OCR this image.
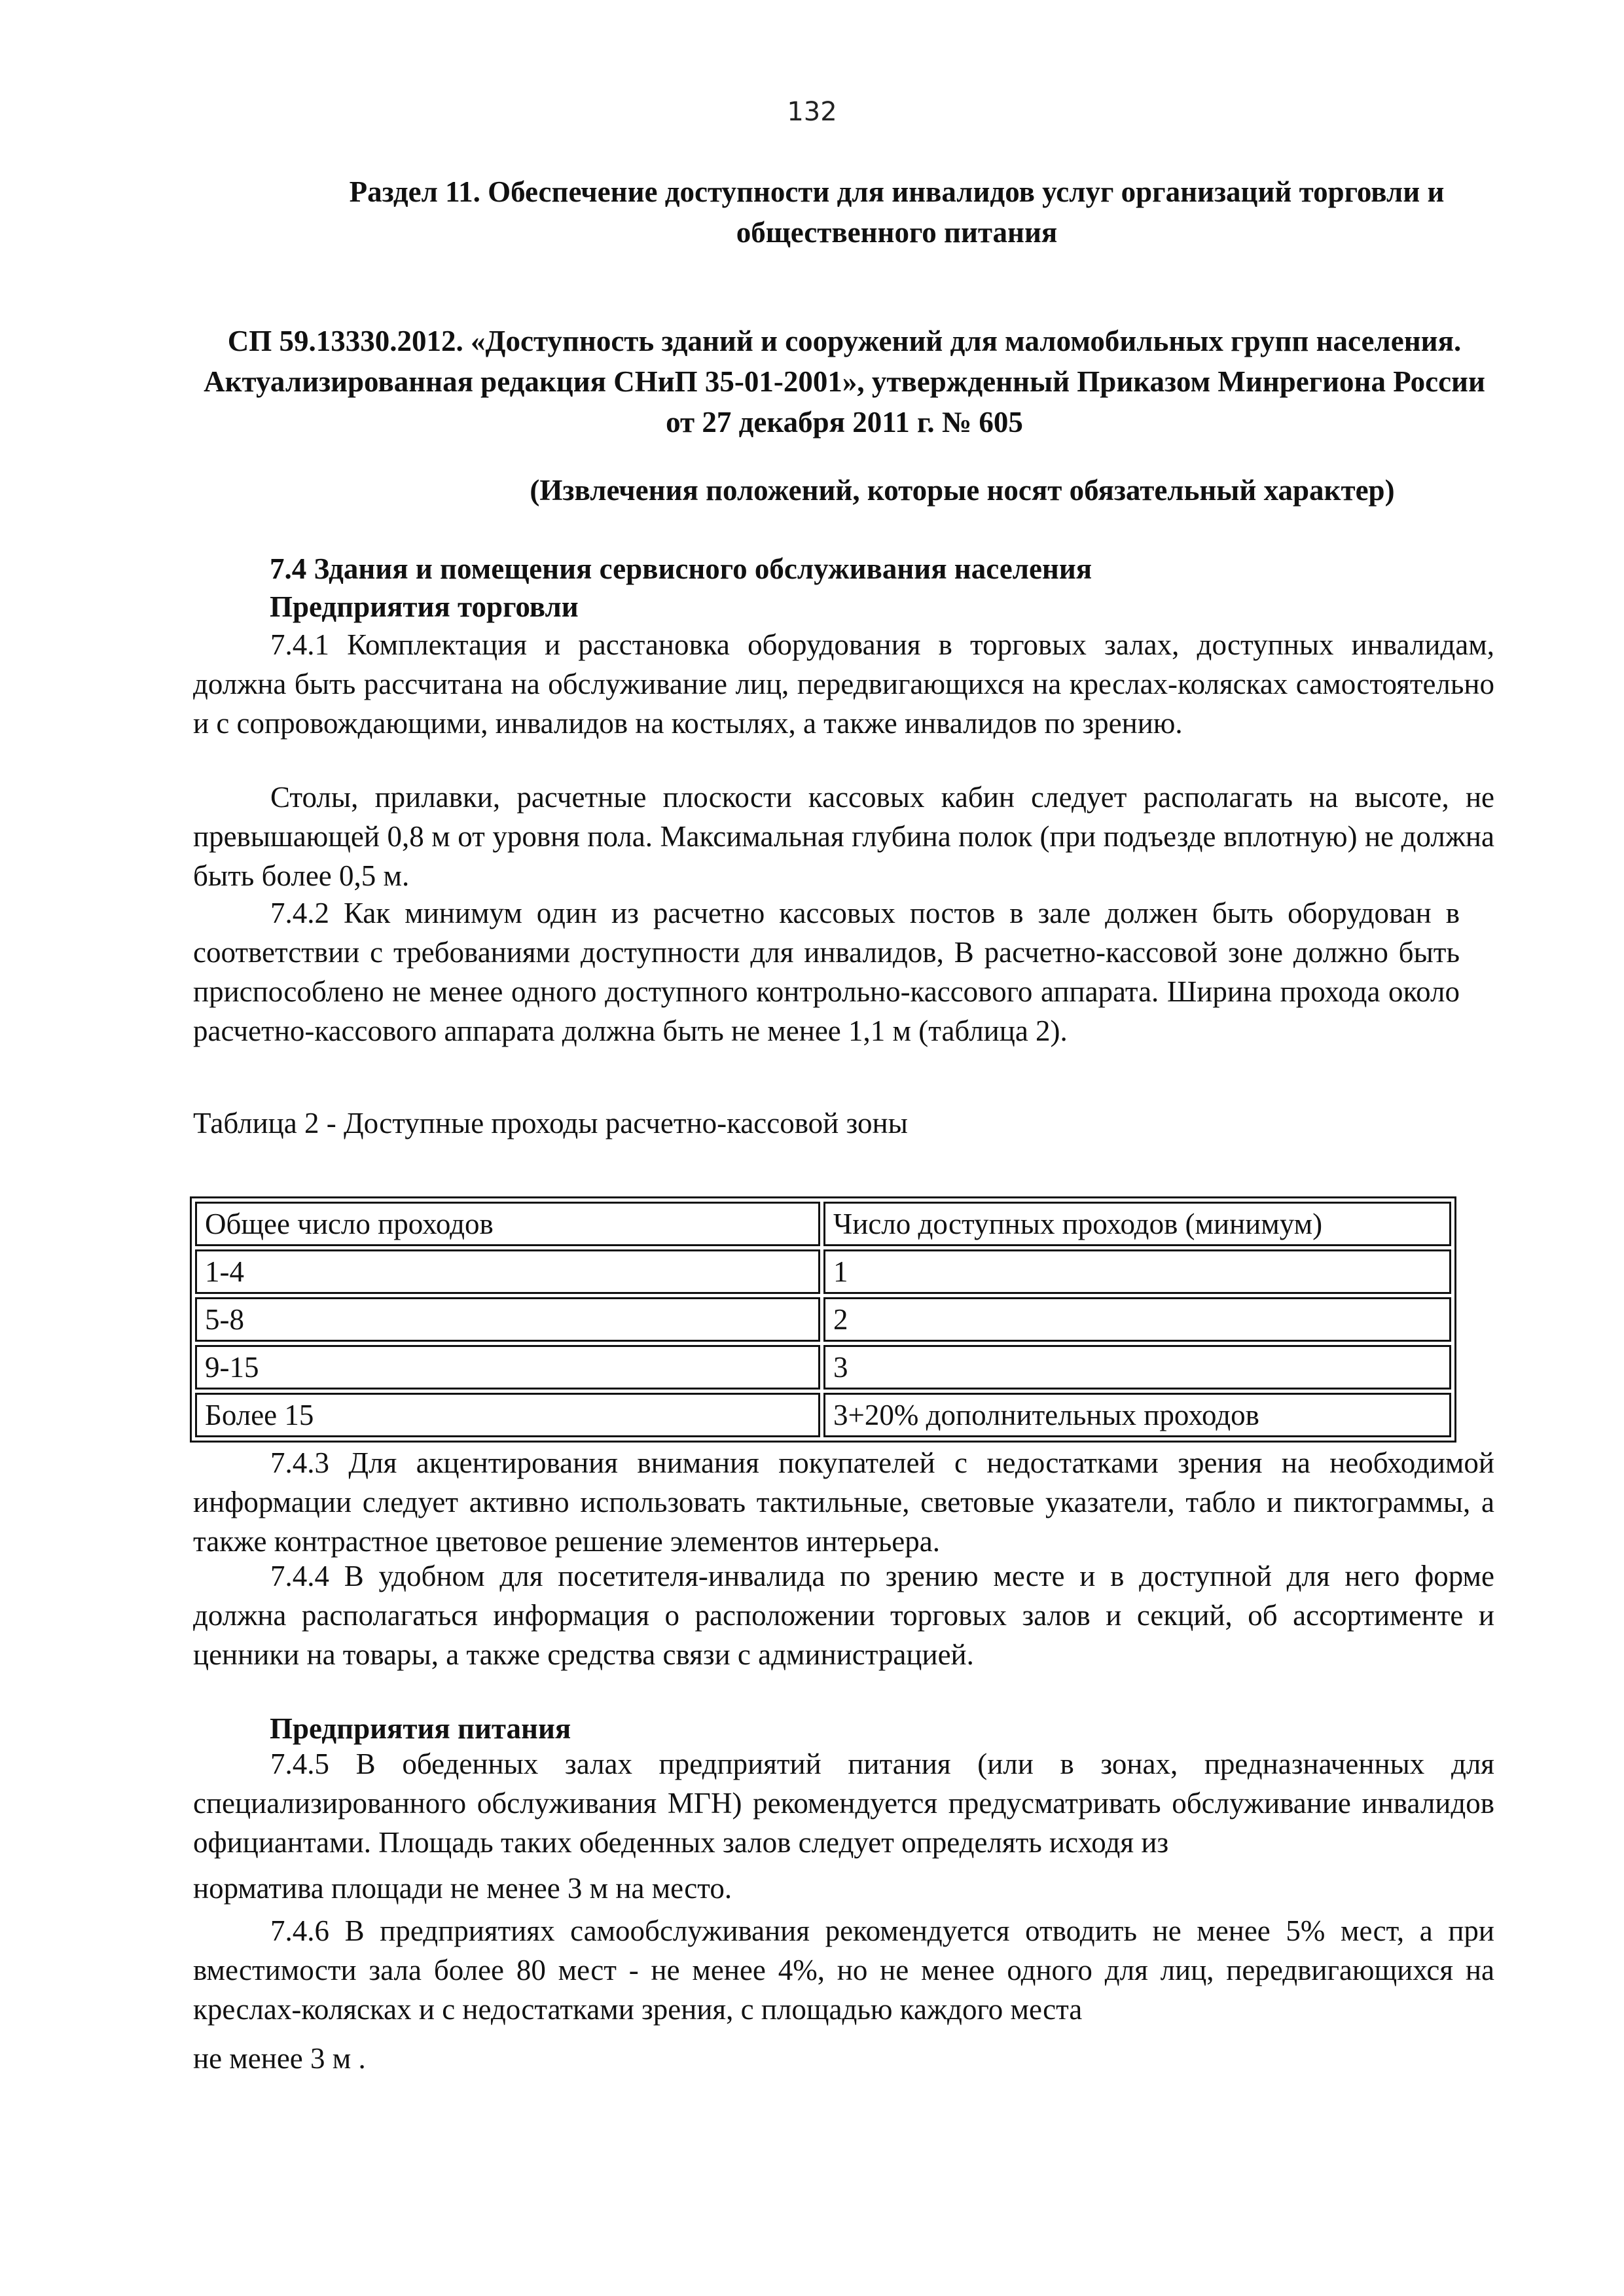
132
Раздел 11. Обеспечение доступности для инвалидов услуг организаций торговли и общественного питания
СП 59.13330.2012. «Доступность зданий и сооружений для маломобильных групп населения. Актуализированная редакция СНиП 35-01-2001», утвержденный Приказом Минрегиона России от 27 декабря 2011 г. № 605
(Извлечения положений, которые носят обязательный характер)
7.4 Здания и помещения сервисного обслуживания населения
Предприятия торговли
7.4.1 Комплектация и расстановка оборудования в торговых залах, доступных инвалидам, должна быть рассчитана на обслуживание лиц, передвигающихся на креслах-колясках самостоятельно и с сопровождающими, инвалидов на костылях, а также инвалидов по зрению.
Столы, прилавки, расчетные плоскости кассовых кабин следует располагать на высоте, не превышающей 0,8 м от уровня пола. Максимальная глубина полок (при подъезде вплотную) не должна быть более 0,5 м.
7.4.2 Как минимум один из расчетно кассовых постов в зале должен быть оборудован в соответствии с требованиями доступности для инвалидов, В расчетно-кассовой зоне должно быть приспособлено не менее одного доступного контрольно-кассового аппарата. Ширина прохода около расчетно-кассового аппарата должна быть не менее 1,1 м (таблица 2).
Таблица 2 - Доступные проходы расчетно-кассовой зоны
Общее число проходов	Число доступных проходов (минимум)
1-4	1
5-8	2
9-15	3
Более 15	3+20% дополнительных проходов
7.4.3 Для акцентирования внимания покупателей с недостатками зрения на необходимой информации следует активно использовать тактильные, световые указатели, табло и пиктограммы, а также контрастное цветовое решение элементов интерьера.
7.4.4 В удобном для посетителя-инвалида по зрению месте и в доступной для него форме должна располагаться информация о расположении торговых залов и секций, об ассортименте и ценники на товары, а также средства связи с администрацией.
Предприятия питания
7.4.5 В обеденных залах предприятий питания (или в зонах, предназначенных для специализированного обслуживания МГН) рекомендуется предусматривать обслуживание инвалидов официантами. Площадь таких обеденных залов следует определять исходя из
норматива площади не менее 3 м на место.
7.4.6 В предприятиях самообслуживания рекомендуется отводить не менее 5% мест, а при вместимости зала более 80 мест - не менее 4%, но не менее одного для лиц, передвигающихся на креслах-колясках и с недостатками зрения, с площадью каждого места
не менее 3 м .
